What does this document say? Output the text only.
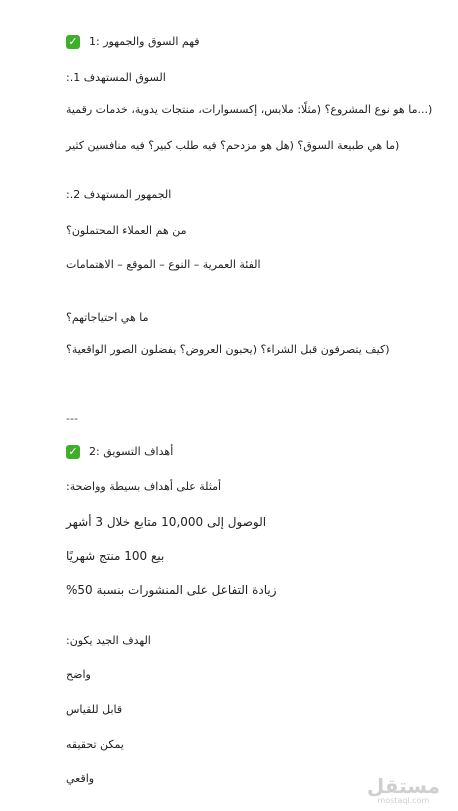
✓ فهم السوق والجمهور :1
السوق المستهدف 1.:
(...ما هو نوع المشروع؟ (مثلًا: ملابس، إكسسوارات، منتجات يدوية، خدمات رقمية
(ما هي طبيعة السوق؟ (هل هو مزدحم؟ فيه طلب كبير؟ فيه منافسين كثير
الجمهور المستهدف 2.:
من هم العملاء المحتملون؟
الفئة العمرية – النوع – الموقع – الاهتمامات
ما هي احتياجاتهم؟
(كيف يتصرفون قبل الشراء؟ (يحبون العروض؟ يفضلون الصور الواقعية؟
---
✓ أهداف التسويق :2
أمثلة على أهداف بسيطة وواضحة:
الوصول إلى 10,000 متابع خلال 3 أشهر
بيع 100 منتج شهريًا
زيادة التفاعل على المنشورات بنسبة 50%
الهدف الجيد يكون:
واضح
قابل للقياس
يمكن تحقيقه
واقعي	مستقل
mostaql.com
